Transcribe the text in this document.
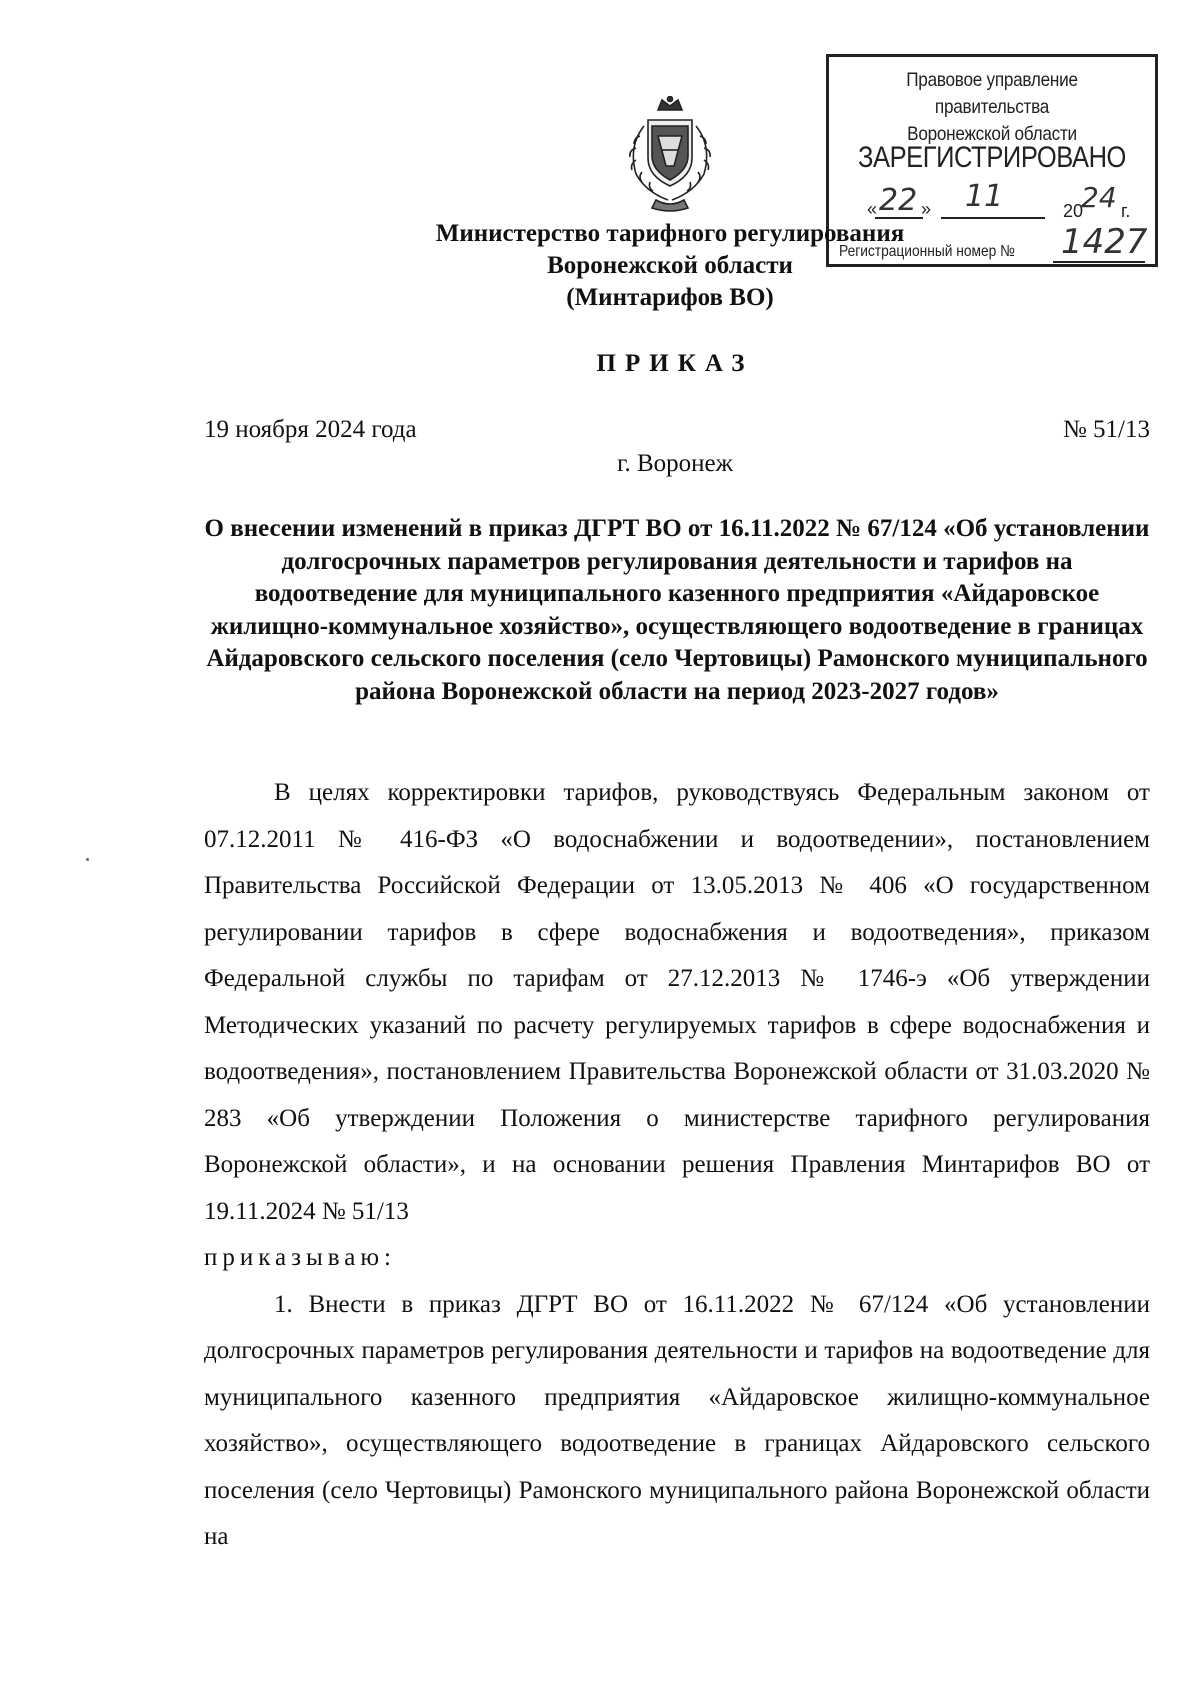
Правовое управление правительства
Воронежской области
ЗАРЕГИСТРИРОВАНО
« 22 » 11	20
24 г.
Регистрационный номер № 1427
Министерство тарифного регулирования
Воронежской области
(Минтарифов ВО)
ПРИКАЗ
19 ноября 2024 года	№ 51/13
г. Воронеж
О внесении изменений в приказ ДГРТ ВО от 16.11.2022 № 67/124 «Об установлении долгосрочных параметров регулирования деятельности и тарифов на водоотведение для муниципального казенного предприятия «Айдаровское жилищно-коммунальное хозяйство», осуществляющего водоотведение в границах Айдаровского сельского поселения (село Чертовицы) Рамонского муниципального района Воронежской области на период 2023-2027 годов»

В целях корректировки тарифов, руководствуясь Федеральным законом от 07.12.2011 № 416-ФЗ «О водоснабжении и водоотведении», постановлением Правительства Российской Федерации от 13.05.2013 № 406 «О государственном регулировании тарифов в сфере водоснабжения и водоотведения», приказом Федеральной службы по тарифам от 27.12.2013 № 1746-э «Об утверждении Методических указаний по расчету регулируемых тарифов в сфере водоснабжения и водоотведения», постановлением Правительства Воронежской области от 31.03.2020 № 283 «Об утверждении Положения о министерстве тарифного регулирования Воронежской области», и на основании решения Правления Минтарифов ВО от 19.11.2024 № 51/13

приказываю:

1. Внести в приказ ДГРТ ВО от 16.11.2022 № 67/124 «Об установлении долгосрочных параметров регулирования деятельности и тарифов на водоотведение для муниципального казенного предприятия «Айдаровское жилищно-коммунальное хозяйство», осуществляющего водоотведение в границах Айдаровского сельского поселения (село Чертовицы) Рамонского муниципального района Воронежской области на
